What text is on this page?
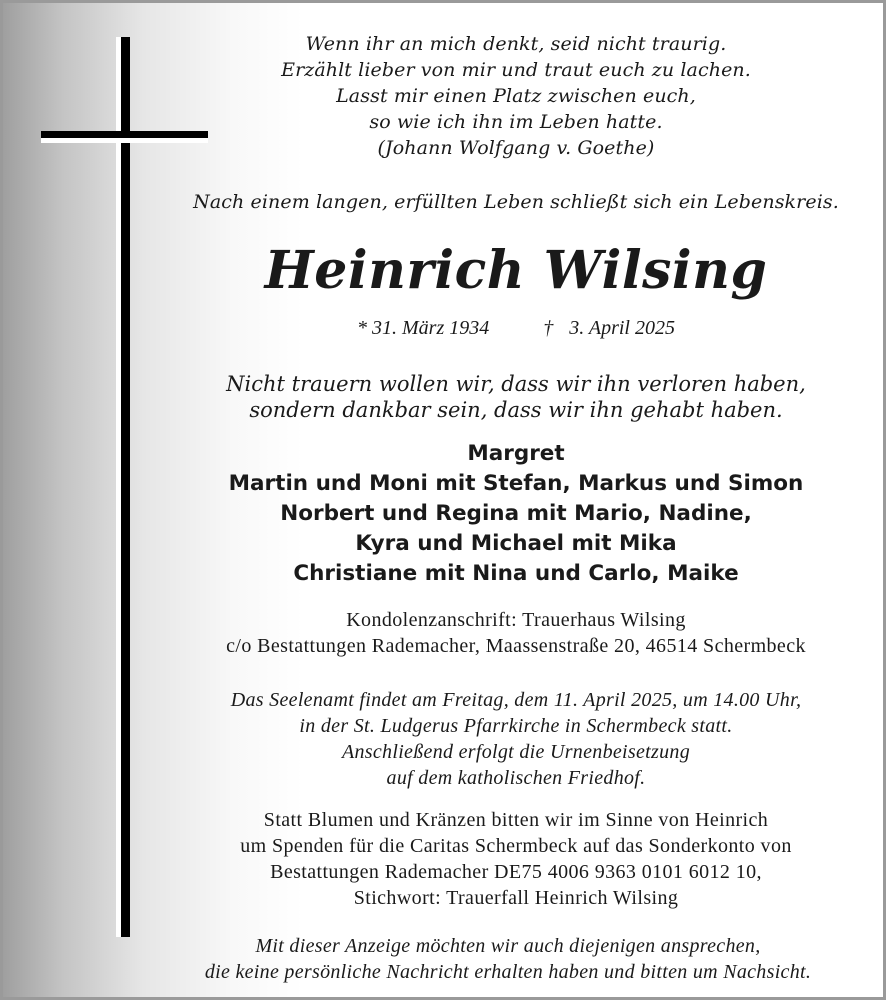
Wenn ihr an mich denkt, seid nicht traurig.
Erzählt lieber von mir und traut euch zu lachen.
Lasst mir einen Platz zwischen euch,
so wie ich ihn im Leben hatte.
(Johann Wolfgang v. Goethe)
Nach einem langen, erfüllten Leben schließt sich ein Lebenskreis.
Heinrich Wilsing
* 31. März 1934	† 3. April 2025
Nicht trauern wollen wir, dass wir ihn verloren haben,
sondern dankbar sein, dass wir ihn gehabt haben.
Margret
Martin und Moni mit Stefan, Markus und Simon
Norbert und Regina mit Mario, Nadine,
Kyra und Michael mit Mika
Christiane mit Nina und Carlo, Maike
Kondolenzanschrift: Trauerhaus Wilsing
c/o Bestattungen Rademacher, Maassenstraße 20, 46514 Schermbeck
Das Seelenamt findet am Freitag, dem 11. April 2025, um 14.00 Uhr,
in der St. Ludgerus Pfarrkirche in Schermbeck statt.
Anschließend erfolgt die Urnenbeisetzung
auf dem katholischen Friedhof.
Statt Blumen und Kränzen bitten wir im Sinne von Heinrich
um Spenden für die Caritas Schermbeck auf das Sonderkonto von
Bestattungen Rademacher DE75 4006 9363 0101 6012 10,
Stichwort: Trauerfall Heinrich Wilsing
Mit dieser Anzeige möchten wir auch diejenigen ansprechen,
die keine persönliche Nachricht erhalten haben und bitten um Nachsicht.
